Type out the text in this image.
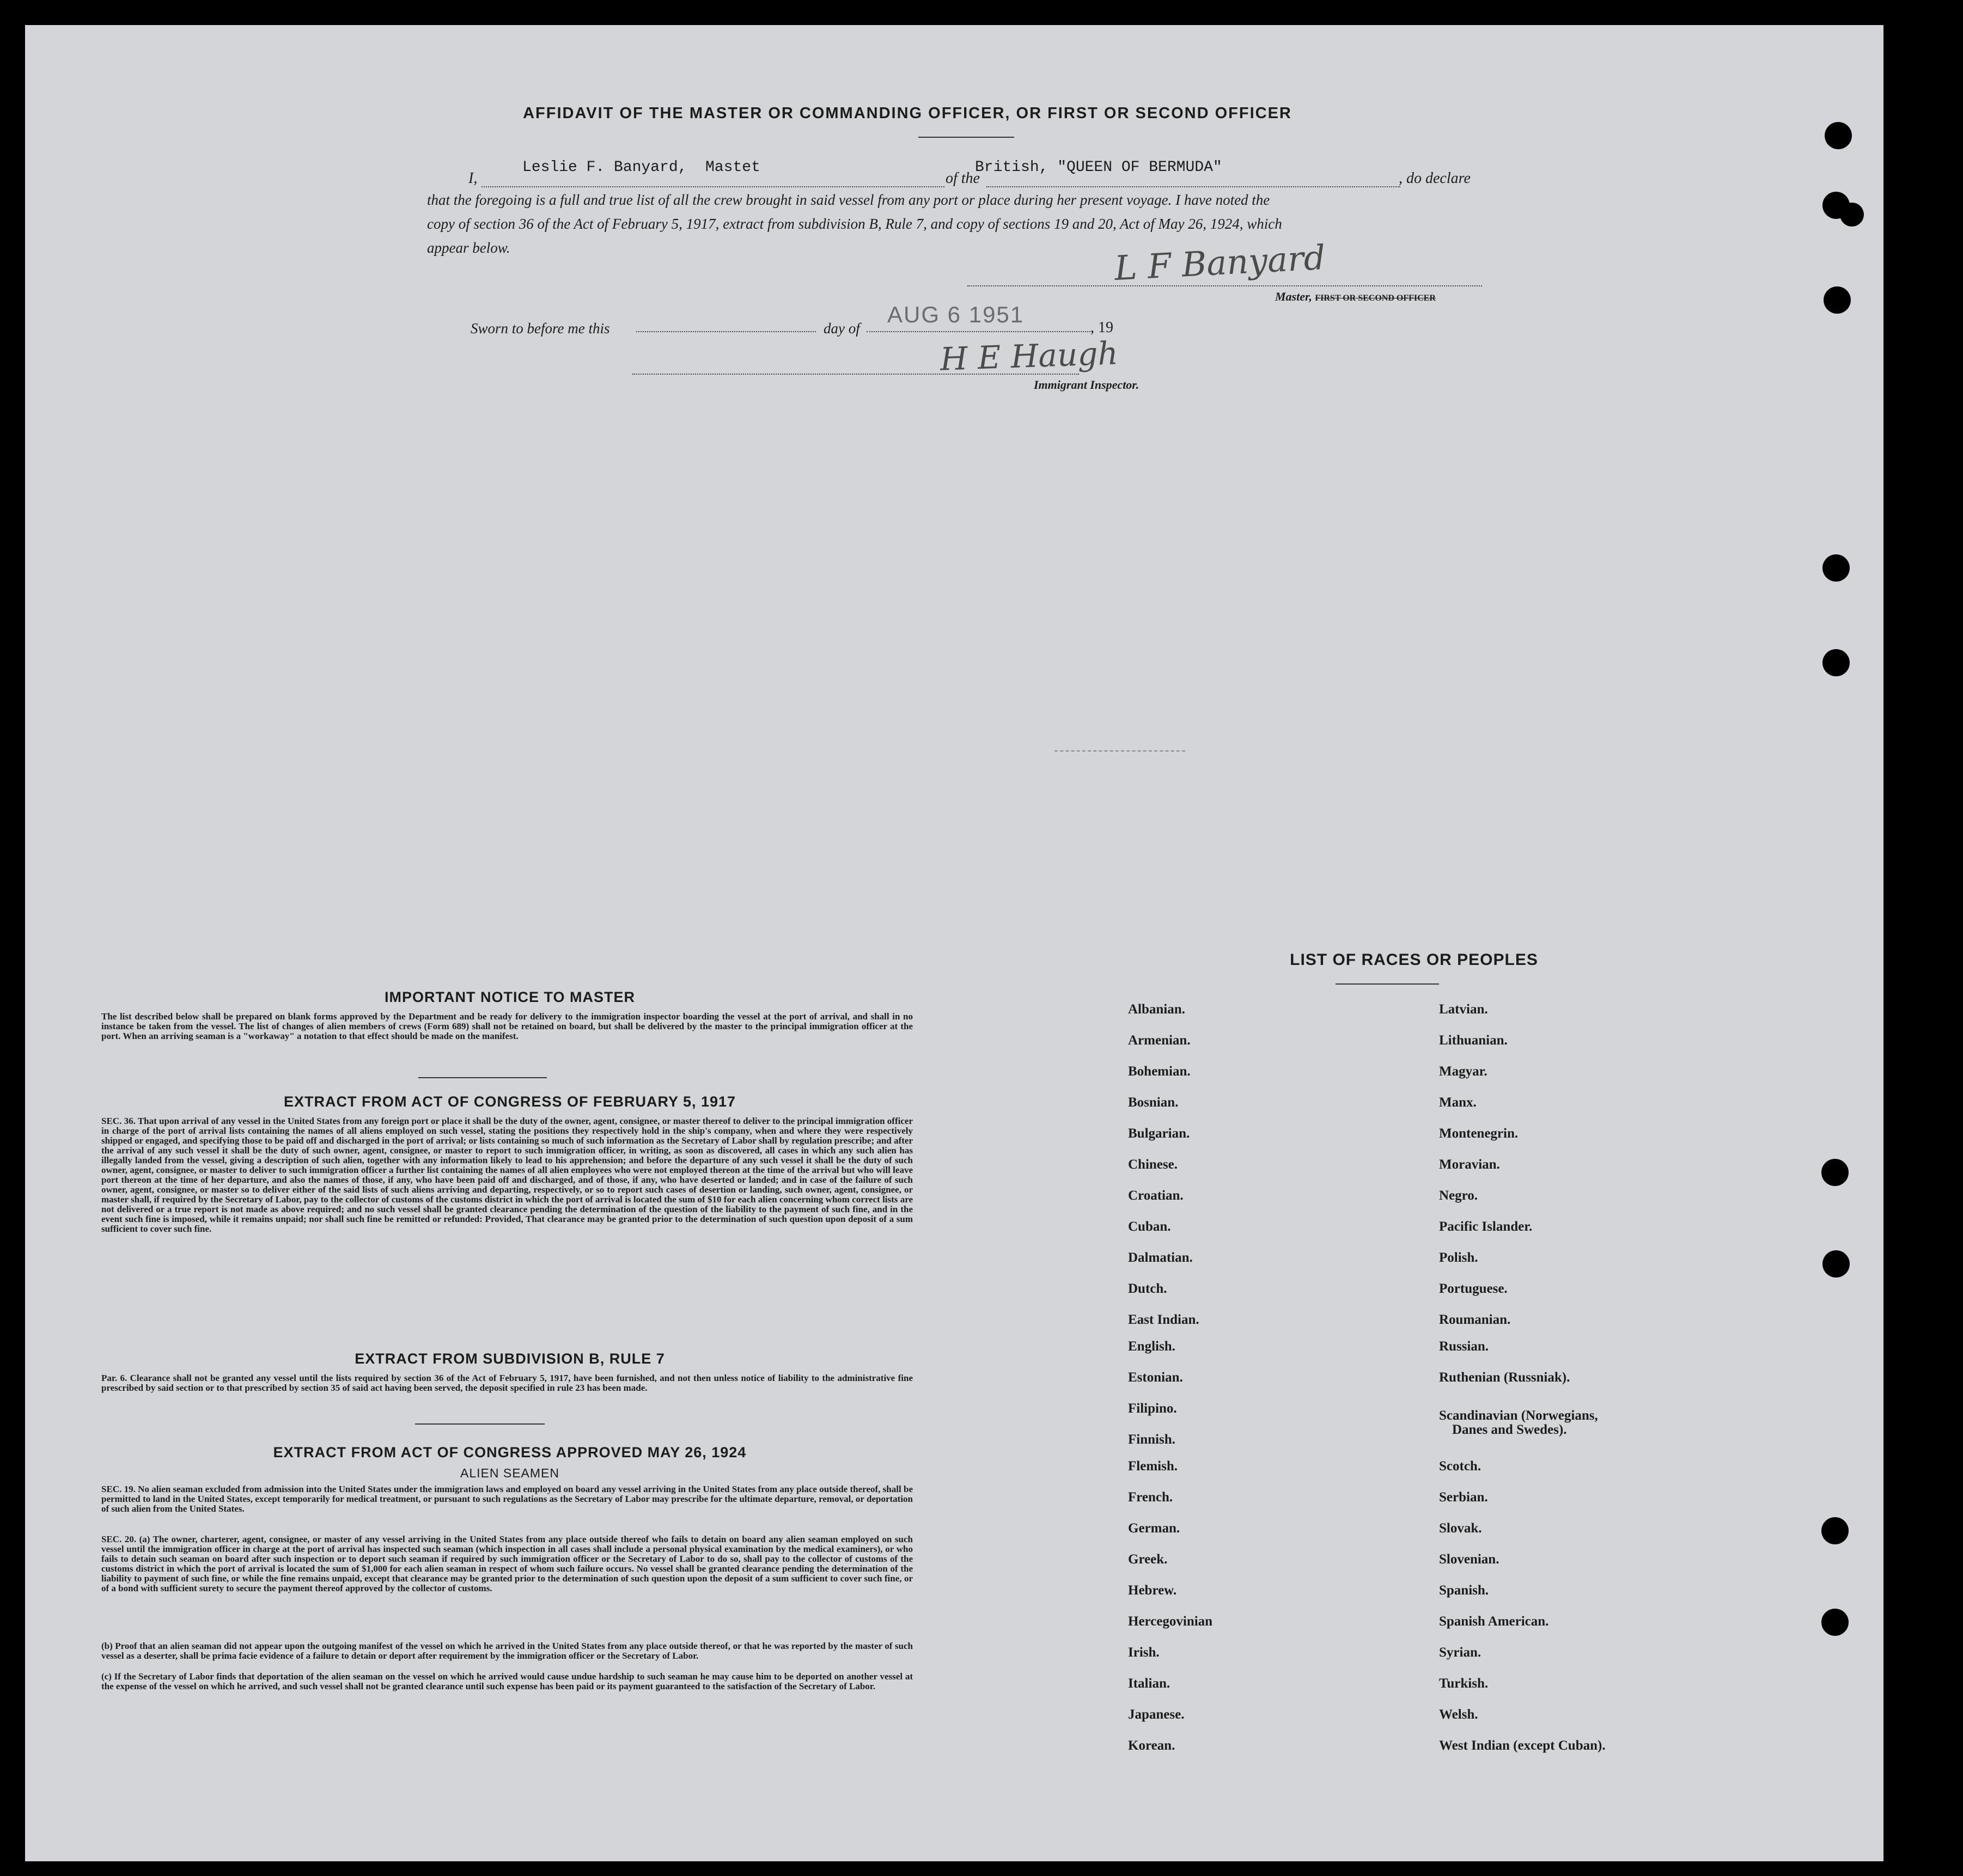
AFFIDAVIT OF THE MASTER OR COMMANDING OFFICER, OR FIRST OR SECOND OFFICER
I,
Leslie F. Banyard,  Mastet
of the
British, "QUEEN OF BERMUDA"
, do declare
that the foregoing is a full and true list of all the crew brought in said vessel from any port or place during her present voyage. I have noted the
copy of section 36 of the Act of February 5, 1917, extract from subdivision B, Rule 7, and copy of sections 19 and 20, Act of May 26, 1924, which
appear below.	L F Banyard
Master, FIRST OR SECOND OFFICER
Sworn to before me this	day of
AUG 6 1951
, 19
H E Haugh
Immigrant Inspector.
IMPORTANT NOTICE TO MASTER
The list described below shall be prepared on blank forms approved by the Department and be ready for delivery to the immigration inspector boarding the vessel at the port of arrival, and shall in no instance be taken from the vessel. The list of changes of alien members of crews (Form 689) shall not be retained on board, but shall be delivered by the master to the principal immigration officer at the port. When an arriving seaman is a "workaway" a notation to that effect should be made on the manifest.
EXTRACT FROM ACT OF CONGRESS OF FEBRUARY 5, 1917
SEC. 36. That upon arrival of any vessel in the United States from any foreign port or place it shall be the duty of the owner, agent, consignee, or master thereof to deliver to the principal immigration officer in charge of the port of arrival lists containing the names of all aliens employed on such vessel, stating the positions they respectively hold in the ship's company, when and where they were respectively shipped or engaged, and specifying those to be paid off and discharged in the port of arrival; or lists containing so much of such information as the Secretary of Labor shall by regulation prescribe; and after the arrival of any such vessel it shall be the duty of such owner, agent, consignee, or master to report to such immigration officer, in writing, as soon as discovered, all cases in which any such alien has illegally landed from the vessel, giving a description of such alien, together with any information likely to lead to his apprehension; and before the departure of any such vessel it shall be the duty of such owner, agent, consignee, or master to deliver to such immigration officer a further list containing the names of all alien employees who were not employed thereon at the time of the arrival but who will leave port thereon at the time of her departure, and also the names of those, if any, who have been paid off and discharged, and of those, if any, who have deserted or landed; and in case of the failure of such owner, agent, consignee, or master so to deliver either of the said lists of such aliens arriving and departing, respectively, or so to report such cases of desertion or landing, such owner, agent, consignee, or master shall, if required by the Secretary of Labor, pay to the collector of customs of the customs district in which the port of arrival is located the sum of $10 for each alien concerning whom correct lists are not delivered or a true report is not made as above required; and no such vessel shall be granted clearance pending the determination of the question of the liability to the payment of such fine, and in the event such fine is imposed, while it remains unpaid; nor shall such fine be remitted or refunded: Provided, That clearance may be granted prior to the determination of such question upon deposit of a sum sufficient to cover such fine.
EXTRACT FROM SUBDIVISION B, RULE 7
Par. 6. Clearance shall not be granted any vessel until the lists required by section 36 of the Act of February 5, 1917, have been furnished, and not then unless notice of liability to the administrative fine prescribed by said section or to that prescribed by section 35 of said act having been served, the deposit specified in rule 23 has been made.
EXTRACT FROM ACT OF CONGRESS APPROVED MAY 26, 1924
ALIEN SEAMEN
SEC. 19. No alien seaman excluded from admission into the United States under the immigration laws and employed on board any vessel arriving in the United States from any place outside thereof, shall be permitted to land in the United States, except temporarily for medical treatment, or pursuant to such regulations as the Secretary of Labor may prescribe for the ultimate departure, removal, or deportation of such alien from the United States.
SEC. 20. (a) The owner, charterer, agent, consignee, or master of any vessel arriving in the United States from any place outside thereof who fails to detain on board any alien seaman employed on such vessel until the immigration officer in charge at the port of arrival has inspected such seaman (which inspection in all cases shall include a personal physical examination by the medical examiners), or who fails to detain such seaman on board after such inspection or to deport such seaman if required by such immigration officer or the Secretary of Labor to do so, shall pay to the collector of customs of the customs district in which the port of arrival is located the sum of $1,000 for each alien seaman in respect of whom such failure occurs. No vessel shall be granted clearance pending the determination of the liability to payment of such fine, or while the fine remains unpaid, except that clearance may be granted prior to the determination of such question upon the deposit of a sum sufficient to cover such fine, or of a bond with sufficient surety to secure the payment thereof approved by the collector of customs.
(b) Proof that an alien seaman did not appear upon the outgoing manifest of the vessel on which he arrived in the United States from any place outside thereof, or that he was reported by the master of such vessel as a deserter, shall be prima facie evidence of a failure to detain or deport after requirement by the immigration officer or the Secretary of Labor.
(c) If the Secretary of Labor finds that deportation of the alien seaman on the vessel on which he arrived would cause undue hardship to such seaman he may cause him to be deported on another vessel at the expense of the vessel on which he arrived, and such vessel shall not be granted clearance until such expense has been paid or its payment guaranteed to the satisfaction of the Secretary of Labor.
LIST OF RACES OR PEOPLES
Albanian.
Armenian.
Bohemian.
Bosnian.
Bulgarian.
Chinese.
Croatian.
Cuban.
Dalmatian.
Dutch.
East Indian.
English.
Estonian.
Filipino.
Finnish.
Flemish.
French.
German.
Greek.
Hebrew.
Hercegovinian
Irish.
Italian.
Japanese.
Korean.
Latvian.
Lithuanian.
Magyar.
Manx.
Montenegrin.
Moravian.
Negro.
Pacific Islander.
Polish.
Portuguese.
Roumanian.
Russian.
Ruthenian (Russniak).
Scandinavian (Norwegians,
Danes and Swedes).
Scotch.
Serbian.
Slovak.
Slovenian.
Spanish.
Spanish American.
Syrian.
Turkish.
Welsh.
West Indian (except Cuban).
